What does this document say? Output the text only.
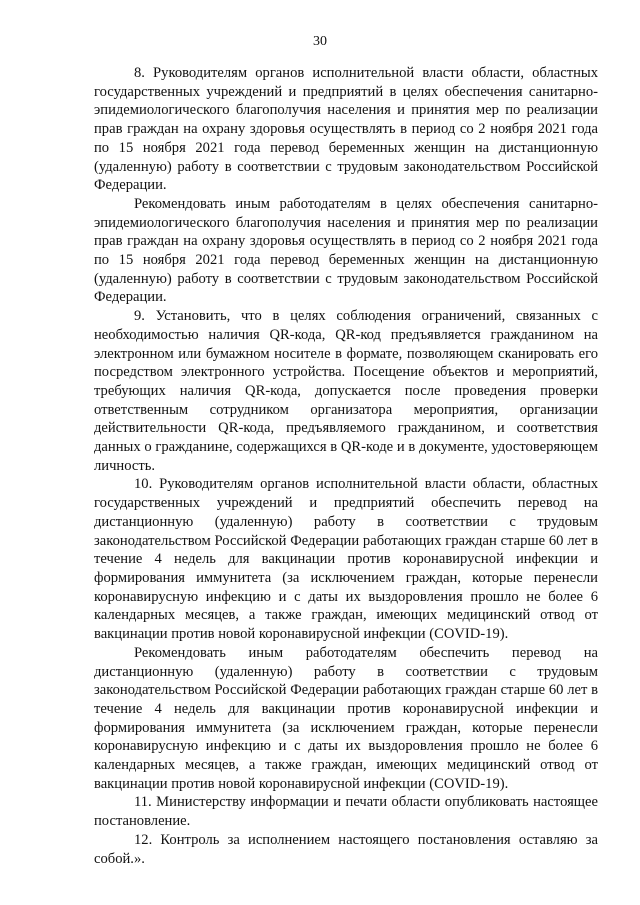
30

8. Руководителям органов исполнительной власти области, областных государственных учреждений и предприятий в целях обеспечения санитарно-эпидемиологического благополучия населения и принятия мер по реализации прав граждан на охрану здоровья осуществлять в период со 2 ноября 2021 года по 15 ноября 2021 года перевод беременных женщин на дистанционную (удаленную) работу в соответствии с трудовым законодательством Российской Федерации.

Рекомендовать иным работодателям в целях обеспечения санитарно-эпидемиологического благополучия населения и принятия мер по реализации прав граждан на охрану здоровья осуществлять в период со 2 ноября 2021 года по 15 ноября 2021 года перевод беременных женщин на дистанционную (удаленную) работу в соответствии с трудовым законодательством Российской Федерации.

9. Установить, что в целях соблюдения ограничений, связанных с необходимостью наличия QR-кода, QR-код предъявляется гражданином на электронном или бумажном носителе в формате, позволяющем сканировать его посредством электронного устройства. Посещение объектов и мероприятий, требующих наличия QR-кода, допускается после проведения проверки ответственным сотрудником организатора мероприятия, организации действительности QR-кода, предъявляемого гражданином, и соответствия данных о гражданине, содержащихся в QR-коде и в документе, удостоверяющем личность.

10. Руководителям органов исполнительной власти области, областных государственных учреждений и предприятий обеспечить перевод на дистанционную (удаленную) работу в соответствии с трудовым законодательством Российской Федерации работающих граждан старше 60 лет в течение 4 недель для вакцинации против коронавирусной инфекции и формирования иммунитета (за исключением граждан, которые перенесли коронавирусную инфекцию и с даты их выздоровления прошло не более 6 календарных месяцев, а также граждан, имеющих медицинский отвод от вакцинации против новой коронавирусной инфекции (COVID-19).

Рекомендовать иным работодателям обеспечить перевод на дистанционную (удаленную) работу в соответствии с трудовым законодательством Российской Федерации работающих граждан старше 60 лет в течение 4 недель для вакцинации против коронавирусной инфекции и формирования иммунитета (за исключением граждан, которые перенесли коронавирусную инфекцию и с даты их выздоровления прошло не более 6 календарных месяцев, а также граждан, имеющих медицинский отвод от вакцинации против новой коронавирусной инфекции (COVID-19).

11. Министерству информации и печати области опубликовать настоящее постановление.

12. Контроль за исполнением настоящего постановления оставляю за собой.».
